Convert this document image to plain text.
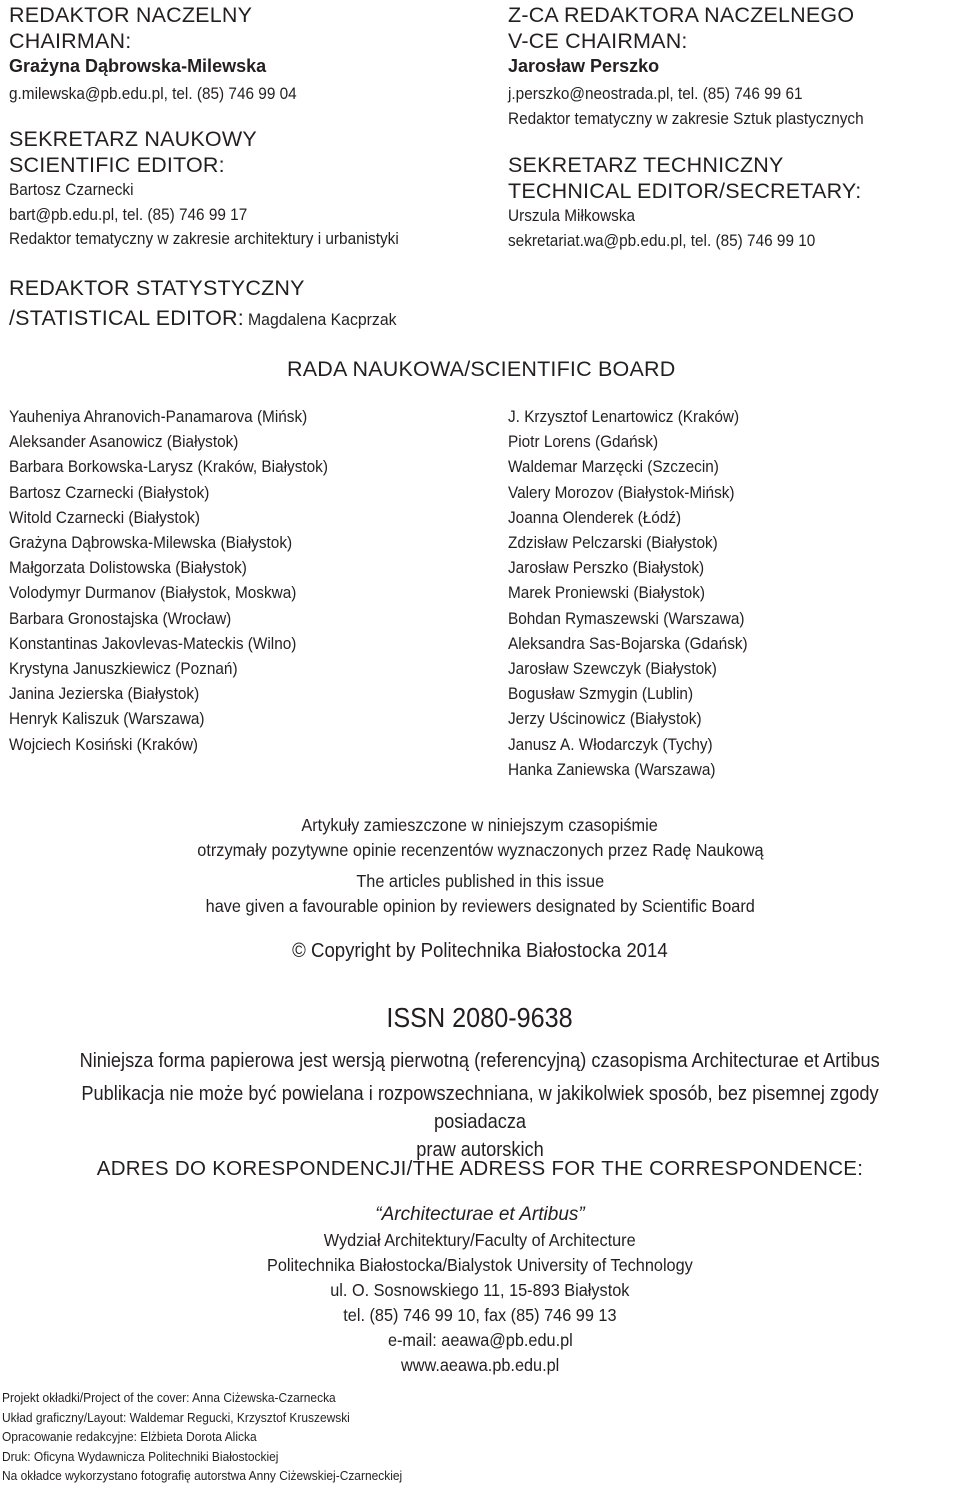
REDAKTOR NACZELNY
CHAIRMAN:
Grażyna Dąbrowska-Milewska
g.milewska@pb.edu.pl, tel. (85) 746 99 04
Z-CA REDAKTORA NACZELNEGO
V-CE CHAIRMAN:
Jarosław Perszko
j.perszko@neostrada.pl, tel. (85) 746 99 61
Redaktor tematyczny w zakresie Sztuk plastycznych
SEKRETARZ NAUKOWY
SCIENTIFIC EDITOR:
Bartosz Czarnecki
bart@pb.edu.pl, tel. (85) 746 99 17
Redaktor tematyczny w zakresie architektury i urbanistyki
SEKRETARZ TECHNICZNY
TECHNICAL EDITOR/SECRETARY:
Urszula Miłkowska
sekretariat.wa@pb.edu.pl, tel. (85) 746 99 10
REDAKTOR STATYSTYCZNY
/STATISTICAL EDITOR: Magdalena Kacprzak
RADA NAUKOWA/SCIENTIFIC BOARD
Yauheniya Ahranovich-Panamarova (Mińsk)
Aleksander Asanowicz (Białystok)
Barbara Borkowska-Larysz (Kraków, Białystok)
Bartosz Czarnecki (Białystok)
Witold Czarnecki (Białystok)
Grażyna Dąbrowska-Milewska (Białystok)
Małgorzata Dolistowska (Białystok)
Volodymyr Durmanov (Białystok, Moskwa)
Barbara Gronostajska (Wrocław)
Konstantinas Jakovlevas-Mateckis (Wilno)
Krystyna Januszkiewicz (Poznań)
Janina Jezierska (Białystok)
Henryk Kaliszuk (Warszawa)
Wojciech Kosiński (Kraków)
J. Krzysztof Lenartowicz (Kraków)
Piotr Lorens (Gdańsk)
Waldemar Marzęcki (Szczecin)
Valery Morozov (Białystok-Mińsk)
Joanna Olenderek (Łódź)
Zdzisław Pelczarski (Białystok)
Jarosław Perszko (Białystok)
Marek Proniewski (Białystok)
Bohdan Rymaszewski (Warszawa)
Aleksandra Sas-Bojarska (Gdańsk)
Jarosław Szewczyk (Białystok)
Bogusław Szmygin (Lublin)
Jerzy Uścinowicz (Białystok)
Janusz A. Włodarczyk (Tychy)
Hanka Zaniewska (Warszawa)
Artykuły zamieszczone w niniejszym czasopiśmie
otrzymały pozytywne opinie recenzentów wyznaczonych przez Radę Naukową
The articles published in this issue
have given a favourable opinion by reviewers designated by Scientific Board
© Copyright by Politechnika Białostocka 2014
ISSN 2080-9638
Niniejsza forma papierowa jest wersją pierwotną (referencyjną) czasopisma Architecturae et Artibus
Publikacja nie może być powielana i rozpowszechniana, w jakikolwiek sposób, bez pisemnej zgody posiadacza
praw autorskich
ADRES DO KORESPONDENCJI/THE ADRESS FOR THE CORRESPONDENCE:
“Architecturae et Artibus”
Wydział Architektury/Faculty of Architecture
Politechnika Białostocka/Bialystok University of Technology
ul. O. Sosnowskiego 11, 15-893 Białystok
tel. (85) 746 99 10, fax (85) 746 99 13
e-mail: aeawa@pb.edu.pl
www.aeawa.pb.edu.pl
Projekt okładki/Project of the cover: Anna Ciżewska-Czarnecka
Układ graficzny/Layout: Waldemar Regucki, Krzysztof Kruszewski
Opracowanie redakcyjne: Elżbieta Dorota Alicka
Druk: Oficyna Wydawnicza Politechniki Białostockiej
Na okładce wykorzystano fotografię autorstwa Anny Ciżewskiej-Czarneckiej
